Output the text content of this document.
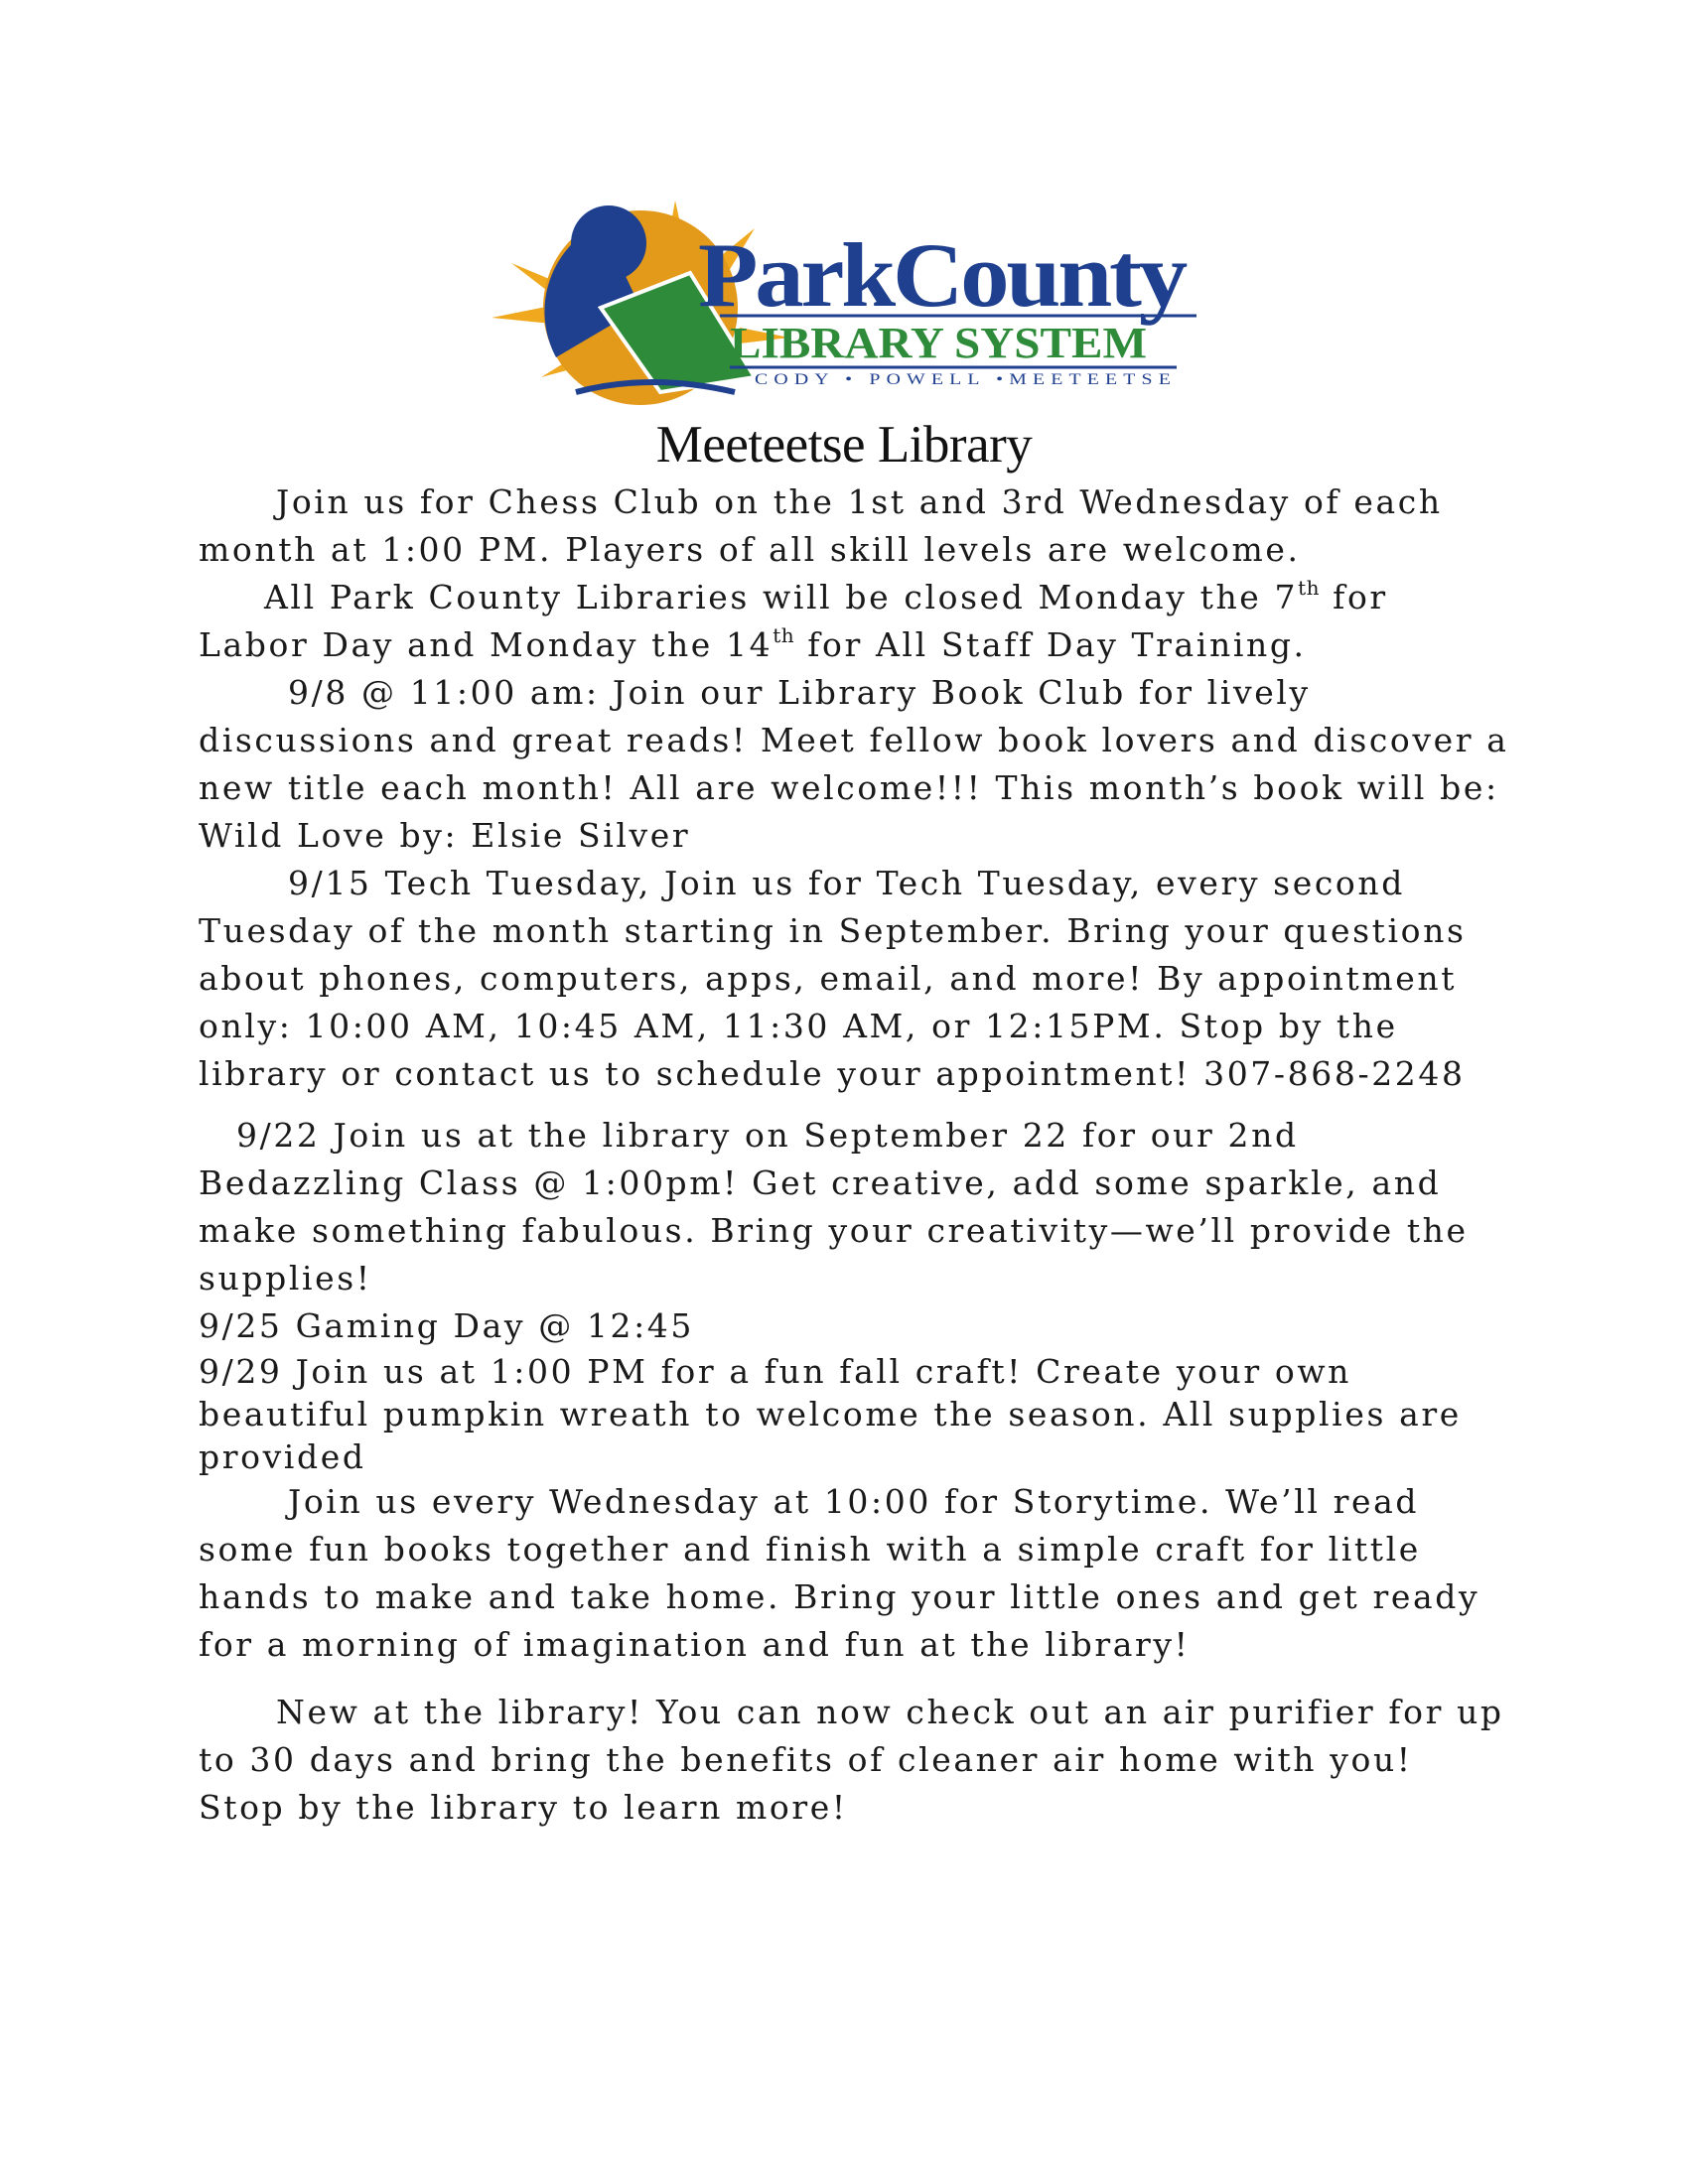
ParkCounty
LIBRARY SYSTEM
CODY • POWELL •MEETEETSE
Meeteetse Library

Join us for Chess Club on the 1st and 3rd Wednesday of each month at 1:00 PM. Players of all skill levels are welcome.

All Park County Libraries will be closed Monday the 7th for Labor Day and Monday the 14th for All Staff Day Training.

9/8 @ 11:00 am: Join our Library Book Club for lively discussions and great reads! Meet fellow book lovers and discover a new title each month! All are welcome!!! This month’s book will be: Wild Love by: Elsie Silver

9/15 Tech Tuesday, Join us for Tech Tuesday, every second Tuesday of the month starting in September. Bring your questions about phones, computers, apps, email, and more! By appointment only: 10:00 AM, 10:45 AM, 11:30 AM, or 12:15PM. Stop by the library or contact us to schedule your appointment! 307-868-2248

9/22 Join us at the library on September 22 for our 2nd Bedazzling Class @ 1:00pm! Get creative, add some sparkle, and make something fabulous. Bring your creativity—we’ll provide the supplies!

9/25 Gaming Day @ 12:45

9/29 Join us at 1:00 PM for a fun fall craft! Create your own beautiful pumpkin wreath to welcome the season. All supplies are provided

Join us every Wednesday at 10:00 for Storytime. We’ll read some fun books together and finish with a simple craft for little hands to make and take home. Bring your little ones and get ready for a morning of imagination and fun at the library!

New at the library! You can now check out an air purifier for up to 30 days and bring the benefits of cleaner air home with you! Stop by the library to learn more!
